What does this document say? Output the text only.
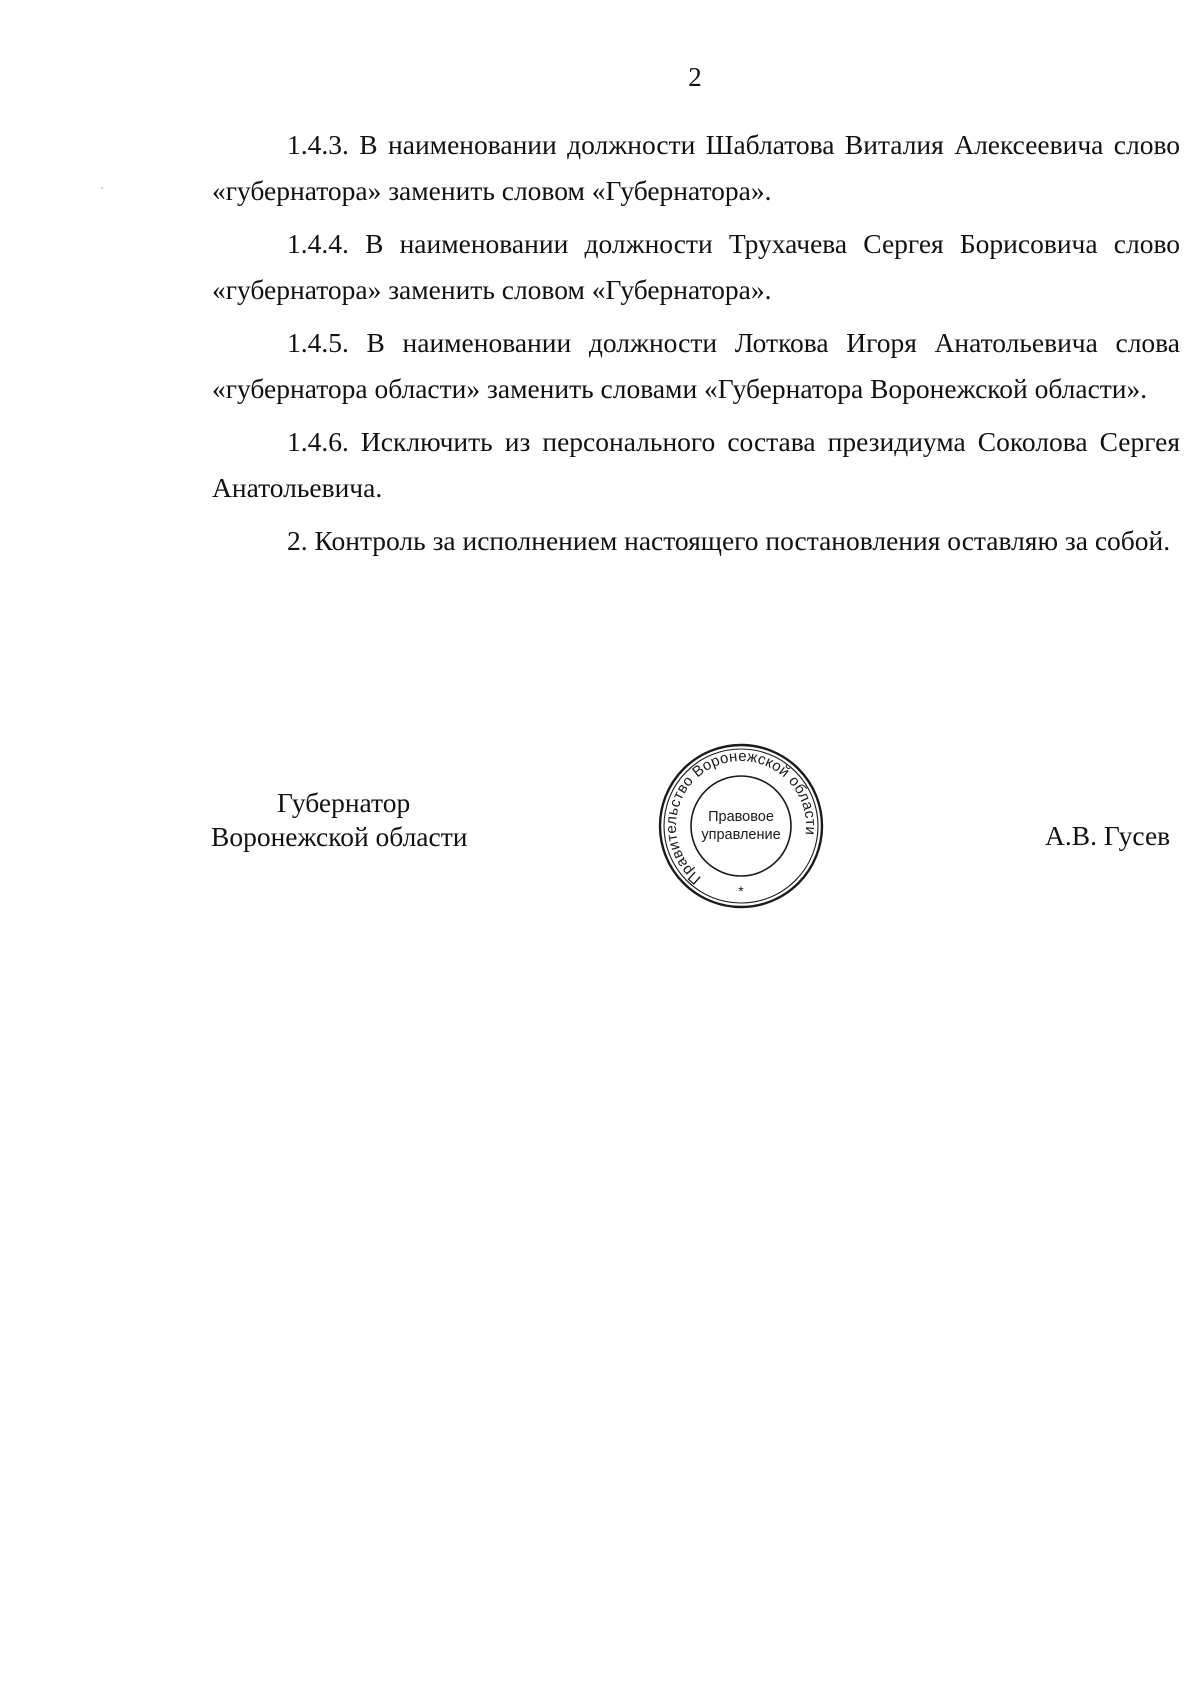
2

1.4.3. В наименовании должности Шаблатова Виталия Алексеевича слово «губернатора» заменить словом «Губернатора».

1.4.4. В наименовании должности Трухачева Сергея Борисовича слово «губернатора» заменить словом «Губернатора».

1.4.5. В наименовании должности Лоткова Игоря Анатольевича слова «губернатора области» заменить словами «Губернатора Воронежской области».

1.4.6. Исключить из персонального состава президиума Соколова Сергея Анатольевича.

2. Контроль за исполнением настоящего постановления оставляю за собой.

Губернатор
Воронежской области
Правительство Воронежской области
Правовое
управление
*
А.В. Гусев
